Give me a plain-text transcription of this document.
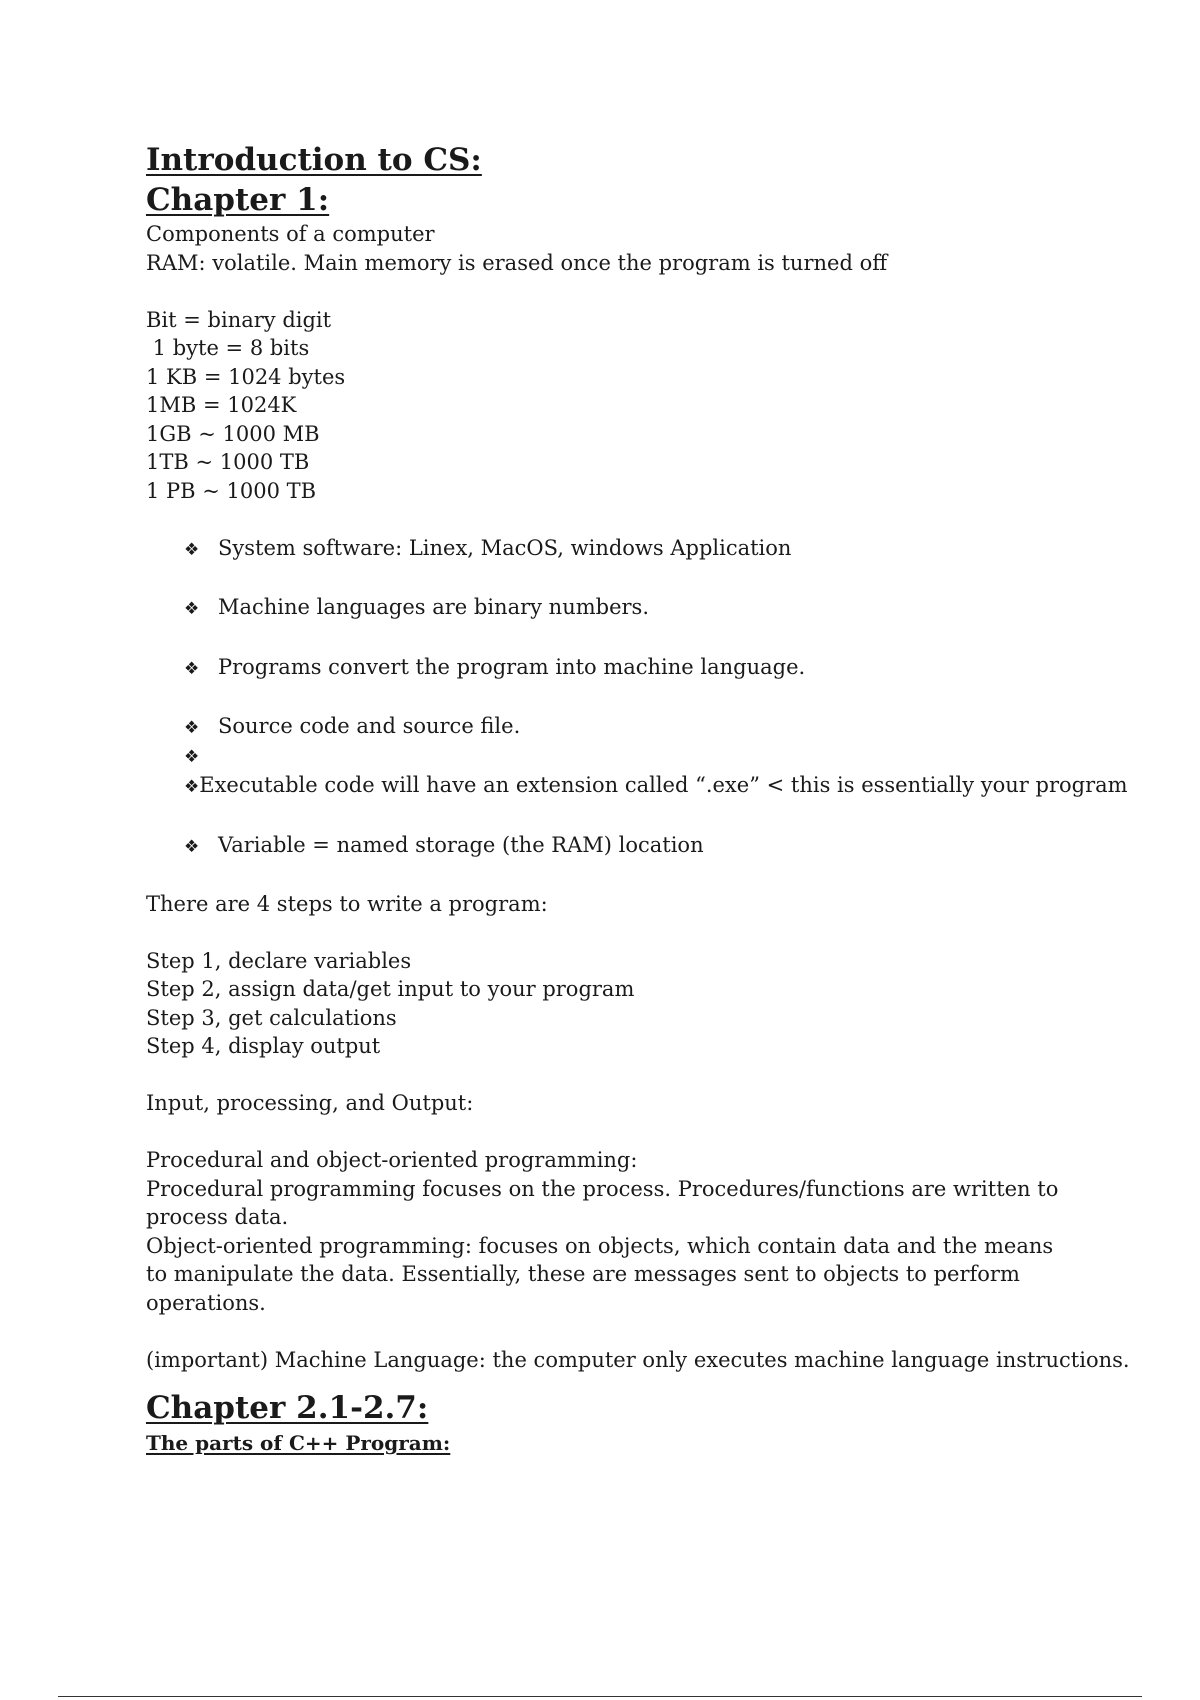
Introduction to CS:
Chapter 1:
Components of a computer
RAM: volatile. Main memory is erased once the program is turned off
Bit = binary digit
1 byte = 8 bits
1 KB = 1024 bytes
1MB = 1024K
1GB ~ 1000 MB
1TB ~ 1000 TB
1 PB ~ 1000 TB
❖ System software: Linex, MacOS, windows Application
❖ Machine languages are binary numbers.
❖ Programs convert the program into machine language.
❖ Source code and source file.
❖
❖ Executable code will have an extension called “.exe” < this is essentially your program
❖ Variable = named storage (the RAM) location
There are 4 steps to write a program:
Step 1, declare variables
Step 2, assign data/get input to your program
Step 3, get calculations
Step 4, display output
Input, processing, and Output:
Procedural and object-oriented programming:
Procedural programming focuses on the process. Procedures/functions are written to process data.
Object-oriented programming: focuses on objects, which contain data and the means to manipulate the data. Essentially, these are messages sent to objects to perform operations.
(important) Machine Language: the computer only executes machine language instructions.
Chapter 2.1-2.7:
The parts of C++ Program:
